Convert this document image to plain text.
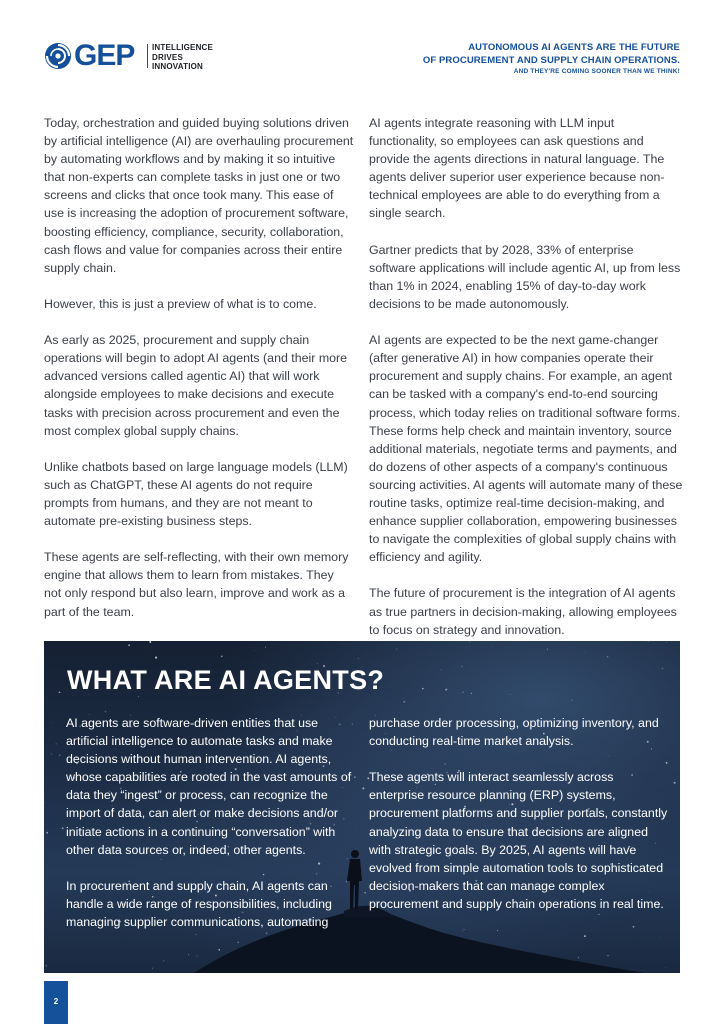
GEP INTELLIGENCE
DRIVES
INNOVATION
AUTONOMOUS AI AGENTS ARE THE FUTURE
OF PROCUREMENT AND SUPPLY CHAIN OPERATIONS.
AND THEY'RE COMING SOONER THAN WE THINK!

Today, orchestration and guided buying solutions driven by artificial intelligence (AI) are overhauling procurement by automating workflows and by making it so intuitive that non-experts can complete tasks in just one or two screens and clicks that once took many. This ease of use is increasing the adoption of procurement software, boosting efficiency, compliance, security, collaboration, cash flows and value for companies across their entire supply chain.

However, this is just a preview of what is to come.

As early as 2025, procurement and supply chain operations will begin to adopt AI agents (and their more advanced versions called agentic AI) that will work alongside employees to make decisions and execute tasks with precision across procurement and even the most complex global supply chains.

Unlike chatbots based on large language models (LLM) such as ChatGPT, these AI agents do not require prompts from humans, and they are not meant to automate pre-existing business steps.

These agents are self-reflecting, with their own memory engine that allows them to learn from mistakes. They not only respond but also learn, improve and work as a part of the team.

AI agents integrate reasoning with LLM input functionality, so employees can ask questions and provide the agents directions in natural language. The agents deliver superior user experience because non-technical employees are able to do everything from a single search.

Gartner predicts that by 2028, 33% of enterprise software applications will include agentic AI, up from less than 1% in 2024, enabling 15% of day-to-day work decisions to be made autonomously.

AI agents are expected to be the next game-changer (after generative AI) in how companies operate their procurement and supply chains. For example, an agent can be tasked with a company's end-to-end sourcing process, which today relies on traditional software forms. These forms help check and maintain inventory, source additional materials, negotiate terms and payments, and do dozens of other aspects of a company's continuous sourcing activities. AI agents will automate many of these routine tasks, optimize real-time decision-making, and enhance supplier collaboration, empowering businesses to navigate the complexities of global supply chains with efficiency and agility.

The future of procurement is the integration of AI agents as true partners in decision-making, allowing employees to focus on strategy and innovation.

WHAT ARE AI AGENTS?

AI agents are software-driven entities that use artificial intelligence to automate tasks and make decisions without human intervention. AI agents, whose capabilities are rooted in the vast amounts of data they “ingest” or process, can recognize the import of data, can alert or make decisions and/or initiate actions in a continuing “conversation” with other data sources or, indeed, other agents.

In procurement and supply chain, AI agents can handle a wide range of responsibilities, including managing supplier communications, automating

purchase order processing, optimizing inventory, and conducting real-time market analysis.

These agents will interact seamlessly across enterprise resource planning (ERP) systems, procurement platforms and supplier portals, constantly analyzing data to ensure that decisions are aligned with strategic goals. By 2025, AI agents will have evolved from simple automation tools to sophisticated decision-makers that can manage complex procurement and supply chain operations in real time.

2
